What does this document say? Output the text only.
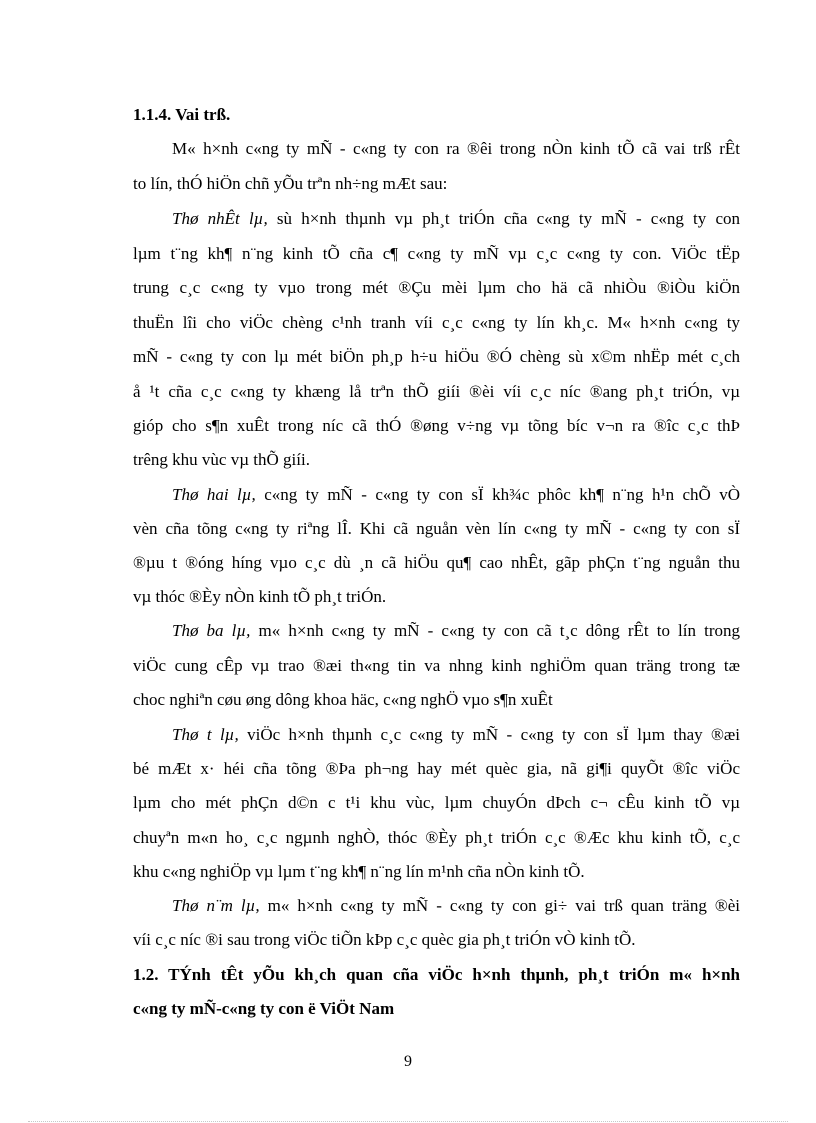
1.1.4. Vai trß.
M« h×nh c«ng ty mÑ - c«ng ty con ra ®êi trong nÒn kinh tÕ cã vai trß rÊt
to lín, thÓ hiÖn chñ yÕu trªn nh÷ng mÆt sau:
Thø nhÊt lµ, sù h×nh thµnh vµ ph¸t triÓn cña c«ng ty mÑ - c«ng ty con
lµm t¨ng kh¶ n¨ng kinh tÕ cña c¶ c«ng ty mÑ vµ c¸c c«ng ty con. ViÖc tËp
trung c¸c c«ng ty vµo trong mét ®Çu mèi lµm cho hä cã nhiÒu ®iÒu kiÖn
thuËn lîi cho viÖc chèng c¹nh tranh víi c¸c c«ng ty lín kh¸c. M« h×nh c«ng ty
mÑ - c«ng ty con lµ mét biÖn ph¸p h÷u hiÖu ®Ó chèng sù x©m nhËp mét c¸ch
å ¹t cña c¸c c«ng ty khæng lå trªn thÕ giíi ®èi víi c¸c níc ®ang ph¸t triÓn, vµ
gióp cho s¶n xuÊt trong níc cã thÓ ®øng v÷ng vµ tõng bíc v¬n ra ®îc c¸c thÞ
trêng khu vùc vµ thÕ giíi.
Thø hai lµ, c«ng ty mÑ - c«ng ty con sÏ kh¾c phôc kh¶ n¨ng h¹n chÕ vÒ
vèn cña tõng c«ng ty riªng lÎ. Khi cã nguån vèn lín c«ng ty mÑ - c«ng ty con sÏ
®µu t ®óng híng vµo c¸c dù ¸n cã hiÖu qu¶ cao nhÊt, gãp phÇn t¨ng nguån thu
vµ thóc ®Èy nÒn kinh tÕ ph¸t triÓn.
Thø ba lµ, m« h×nh c«ng ty mÑ - c«ng ty con cã t¸c dông rÊt to lín trong
viÖc cung cÊp vµ trao ®æi th«ng tin va nhng kinh nghiÖm quan träng trong tæ
choc nghiªn cøu øng dông khoa häc, c«ng nghÖ vµo s¶n xuÊt
Thø t lµ, viÖc h×nh thµnh c¸c c«ng ty mÑ - c«ng ty con sÏ lµm thay ®æi
bé mÆt x· héi cña tõng ®Þa ph¬ng hay mét quèc gia, nã gi¶i quyÕt ®îc viÖc
lµm cho mét phÇn d©n c t¹i khu vùc, lµm chuyÓn dÞch c¬ cÊu kinh tÕ vµ
chuyªn m«n ho¸ c¸c ngµnh nghÒ, thóc ®Èy ph¸t triÓn c¸c ®Æc khu kinh tÕ, c¸c
khu c«ng nghiÖp vµ lµm t¨ng kh¶ n¨ng lín m¹nh cña nÒn kinh tÕ.
Thø n¨m lµ, m« h×nh c«ng ty mÑ - c«ng ty con gi÷ vai trß quan träng ®èi
víi c¸c níc ®i sau trong viÖc tiÕn kÞp c¸c quèc gia ph¸t triÓn vÒ kinh tÕ.
1.2. TÝnh tÊt yÕu kh¸ch quan cña viÖc h×nh thµnh, ph¸t triÓn m« h×nh
c«ng ty mÑ-c«ng ty con ë ViÖt Nam
9
